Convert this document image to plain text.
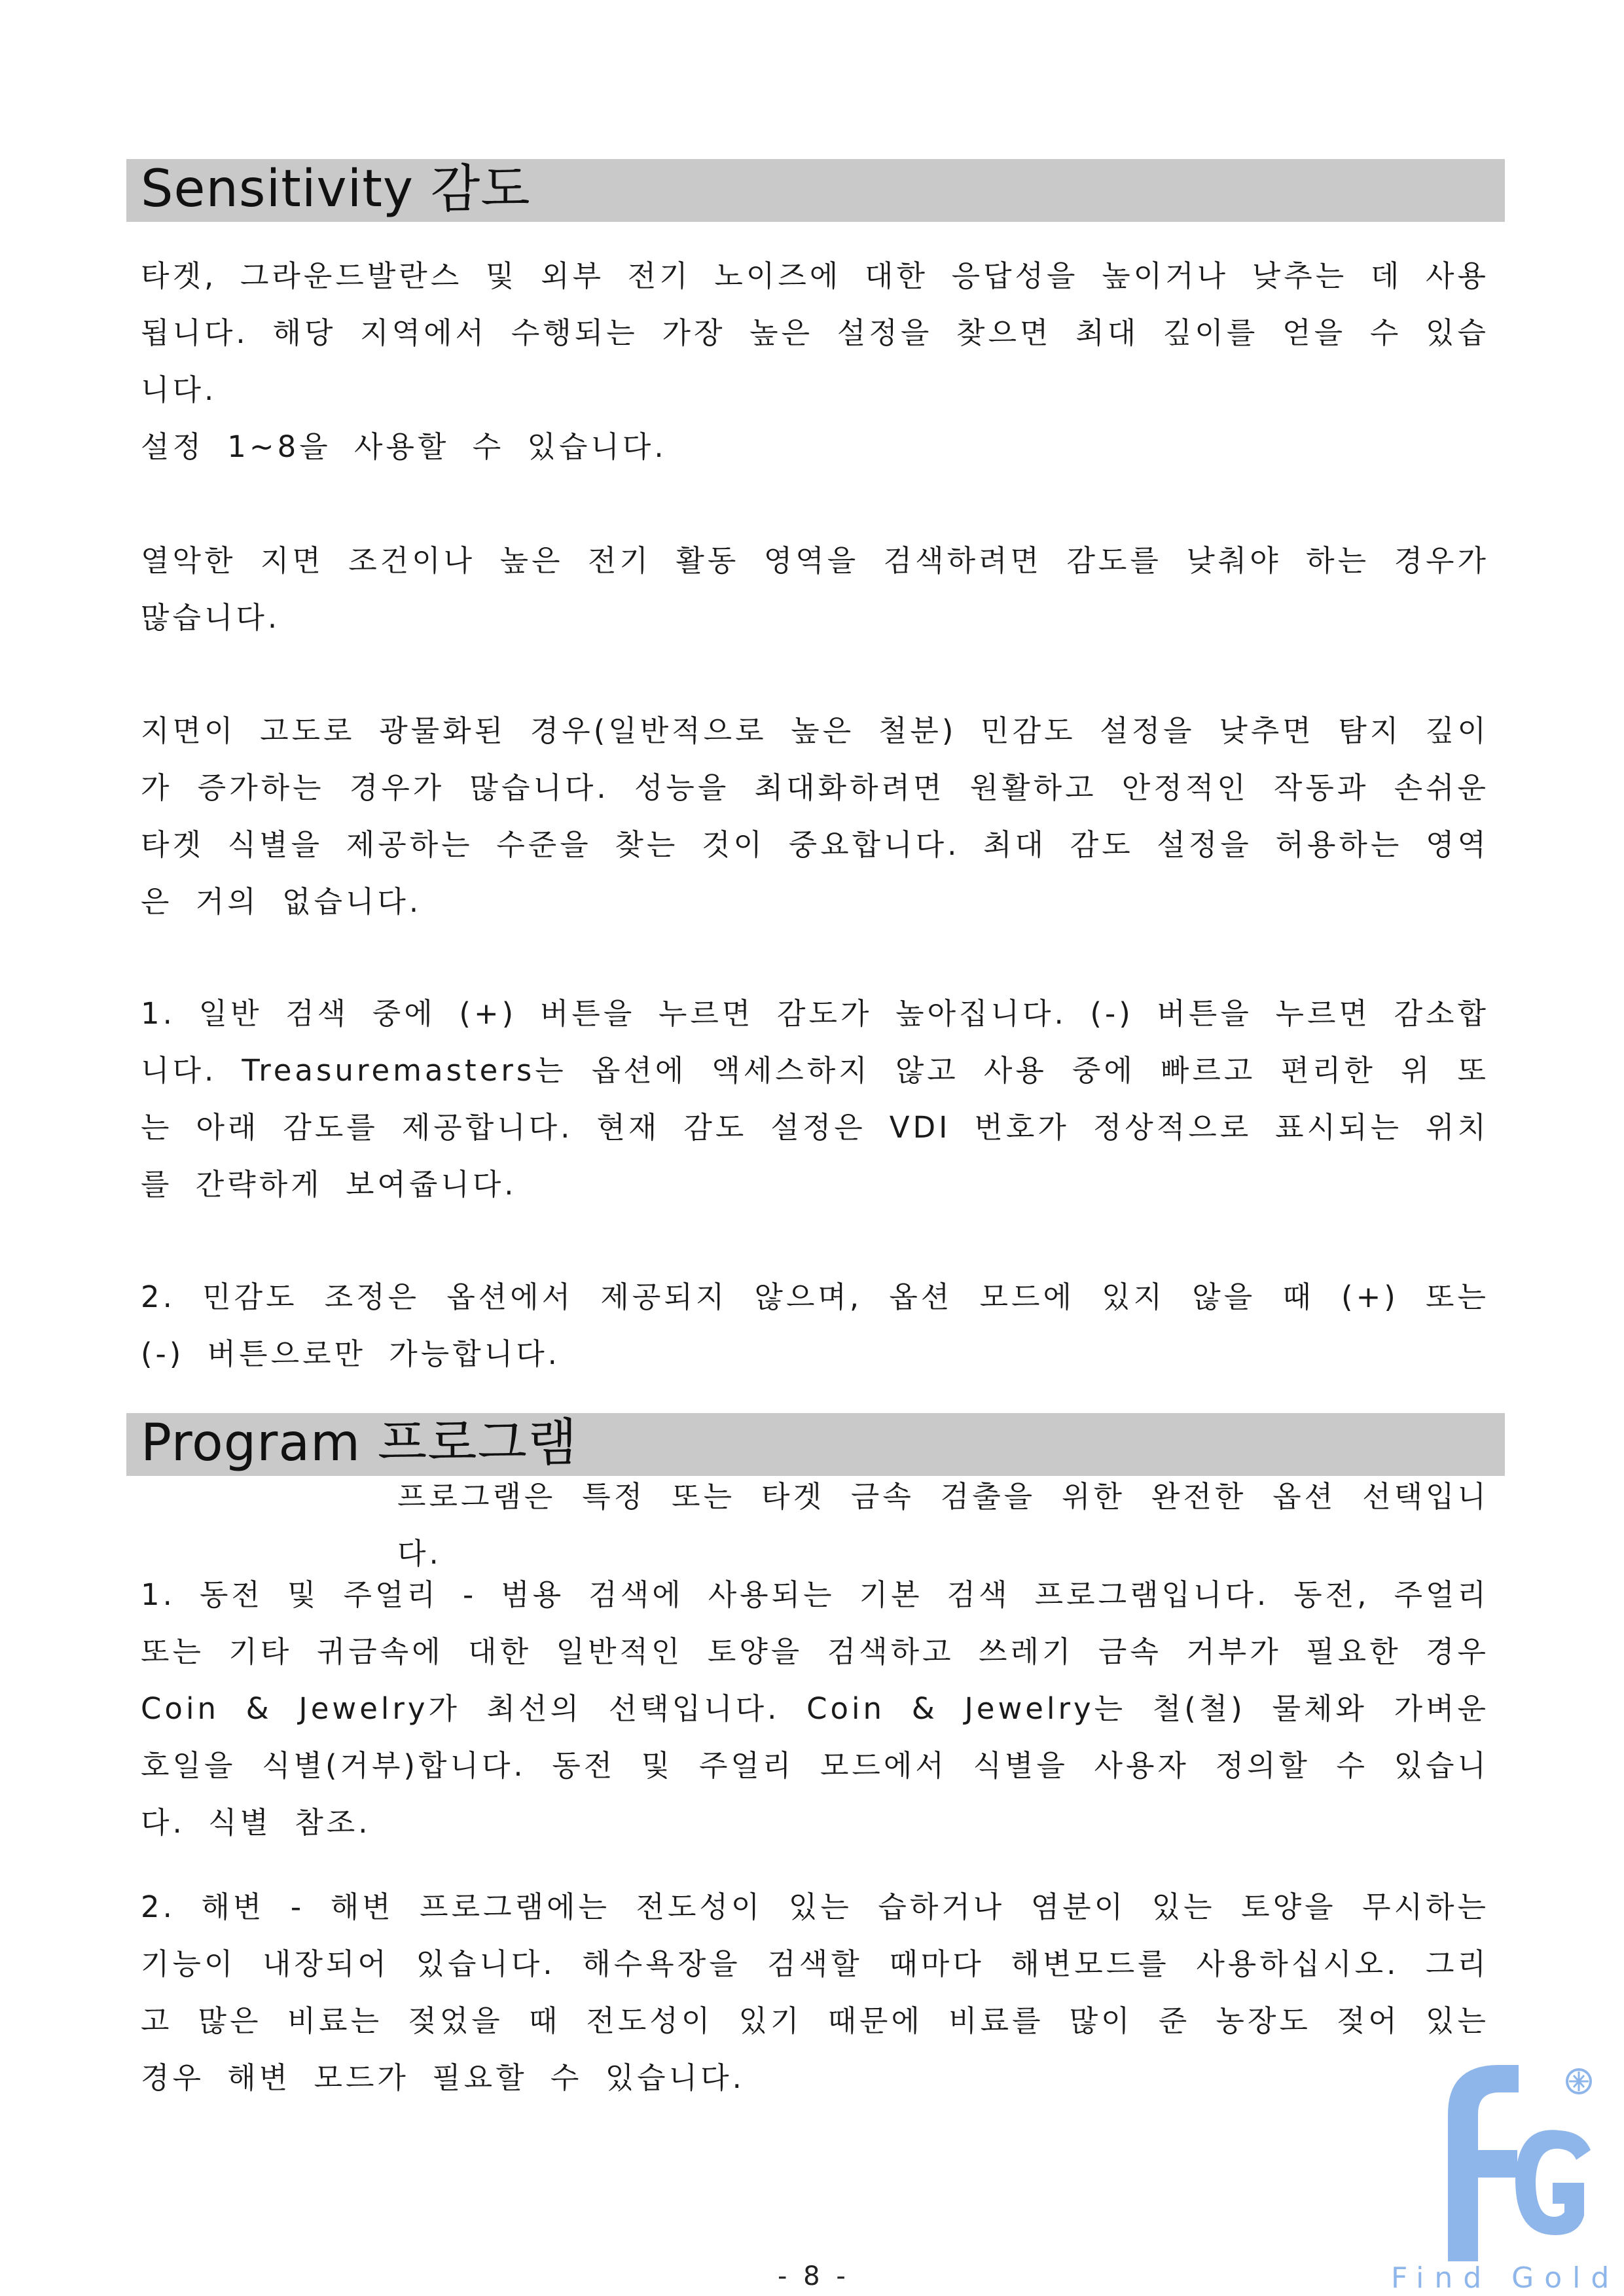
Sensitivity 감도
타겟, 그라운드발란스 및 외부 전기 노이즈에 대한 응답성을 높이거나 낮추는 데 사용됩니다. 해당 지역에서 수행되는 가장 높은 설정을 찾으면 최대 깊이를 얻을 수 있습니다.
설정 1~8을 사용할 수 있습니다.
열악한 지면 조건이나 높은 전기 활동 영역을 검색하려면 감도를 낮춰야 하는 경우가 많습니다.
지면이 고도로 광물화된 경우(일반적으로 높은 철분) 민감도 설정을 낮추면 탐지 깊이가 증가하는 경우가 많습니다. 성능을 최대화하려면 원활하고 안정적인 작동과 손쉬운 타겟 식별을 제공하는 수준을 찾는 것이 중요합니다. 최대 감도 설정을 허용하는 영역은 거의 없습니다.
1. 일반 검색 중에 (+) 버튼을 누르면 감도가 높아집니다. (-) 버튼을 누르면 감소합니다. Treasuremasters는 옵션에 액세스하지 않고 사용 중에 빠르고 편리한 위 또는 아래 감도를 제공합니다. 현재 감도 설정은 VDI 번호가 정상적으로 표시되는 위치를 간략하게 보여줍니다.
2. 민감도 조정은 옵션에서 제공되지 않으며, 옵션 모드에 있지 않을 때 (+) 또는 (-) 버튼으로만 가능합니다.
Program 프로그램
프로그램은 특정 또는 타겟 금속 검출을 위한 완전한 옵션 선택입니다.
1. 동전 및 주얼리 - 범용 검색에 사용되는 기본 검색 프로그램입니다. 동전, 주얼리 또는 기타 귀금속에 대한 일반적인 토양을 검색하고 쓰레기 금속 거부가 필요한 경우 Coin & Jewelry가 최선의 선택입니다. Coin & Jewelry는 철(철) 물체와 가벼운 호일을 식별(거부)합니다. 동전 및 주얼리 모드에서 식별을 사용자 정의할 수 있습니다. 식별 참조.
2. 해변 - 해변 프로그램에는 전도성이 있는 습하거나 염분이 있는 토양을 무시하는 기능이 내장되어 있습니다. 해수욕장을 검색할 때마다 해변모드를 사용하십시오. 그리고 많은 비료는 젖었을 때 전도성이 있기 때문에 비료를 많이 준 농장도 젖어 있는 경우 해변 모드가 필요할 수 있습니다.
Find Gold
- 8 -
